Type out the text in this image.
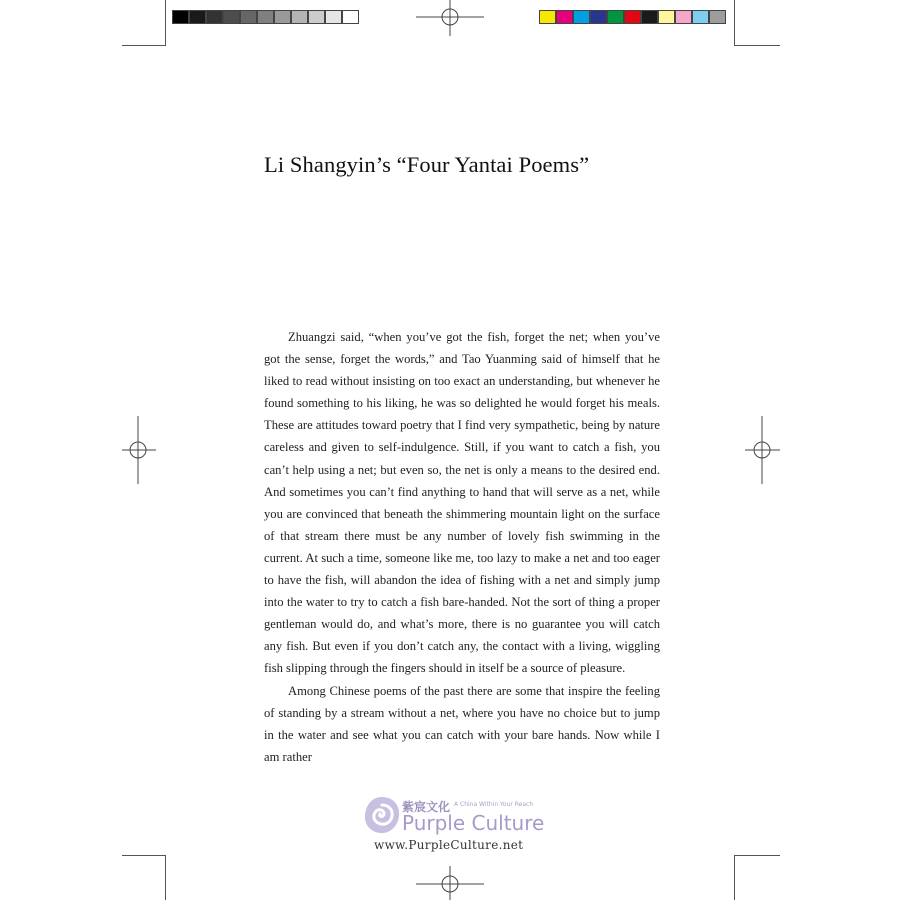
Li Shangyin’s “Four Yantai Poems”

Zhuangzi said, “when you’ve got the fish, forget the net; when you’ve got the sense, forget the words,” and Tao Yuanming said of himself that he liked to read without insisting on too exact an understanding, but whenever he found something to his liking, he was so delighted he would forget his meals. These are attitudes toward poetry that I find very sympathetic, being by nature careless and given to self-indulgence. Still, if you want to catch a fish, you can’t help using a net; but even so, the net is only a means to the desired end. And sometimes you can’t find anything to hand that will serve as a net, while you are convinced that beneath the shimmering mountain light on the surface of that stream there must be any number of lovely fish swimming in the current. At such a time, someone like me, too lazy to make a net and too eager to have the fish, will abandon the idea of fishing with a net and simply jump into the water to try to catch a fish bare-handed. Not the sort of thing a proper gentleman would do, and what’s more, there is no guarantee you will catch any fish. But even if you don’t catch any, the contact with a living, wiggling fish slipping through the fingers should in itself be a source of pleasure.

Among Chinese poems of the past there are some that inspire the feeling of standing by a stream without a net, where you have no choice but to jump in the water and see what you can catch with your bare hands. Now while I am rather

紫宸文化 A China Within Your Reach
Purple Culture
www.PurpleCulture.net
